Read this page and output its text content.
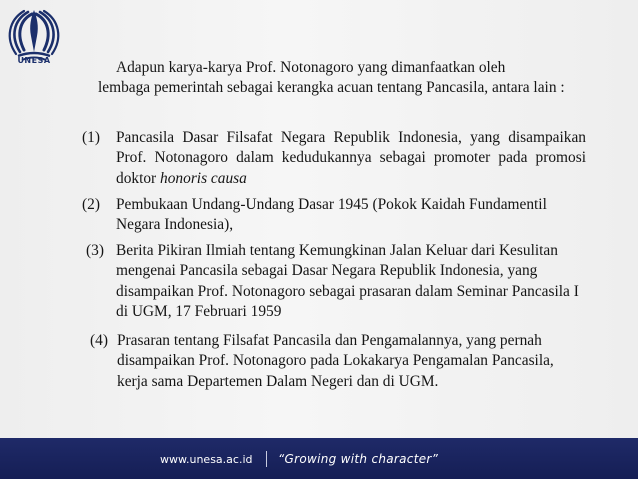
UNESA	Adapun karya-karya Prof. Notonagoro yang dimanfaatkan oleh
lembaga pemerintah sebagai kerangka acuan tentang Pancasila, antara lain :
(1) Pancasila Dasar Filsafat Negara Republik Indonesia, yang disampaikan Prof. Notonagoro dalam kedudukannya sebagai promoter pada promosi doktor honoris causa
(2) Pembukaan Undang-Undang Dasar 1945 (Pokok Kaidah Fundamentil Negara Indonesia),
(3) Berita Pikiran Ilmiah tentang Kemungkinan Jalan Keluar dari Kesulitan mengenai Pancasila sebagai Dasar Negara Republik Indonesia, yang disampaikan Prof. Notonagoro sebagai prasaran dalam Seminar Pancasila I di UGM, 17 Februari 1959
(4) Prasaran tentang Filsafat Pancasila dan Pengamalannya, yang pernah disampaikan Prof. Notonagoro pada Lokakarya Pengamalan Pancasila, kerja sama Departemen Dalam Negeri dan di UGM.
www.unesa.ac.id “Growing with character”
